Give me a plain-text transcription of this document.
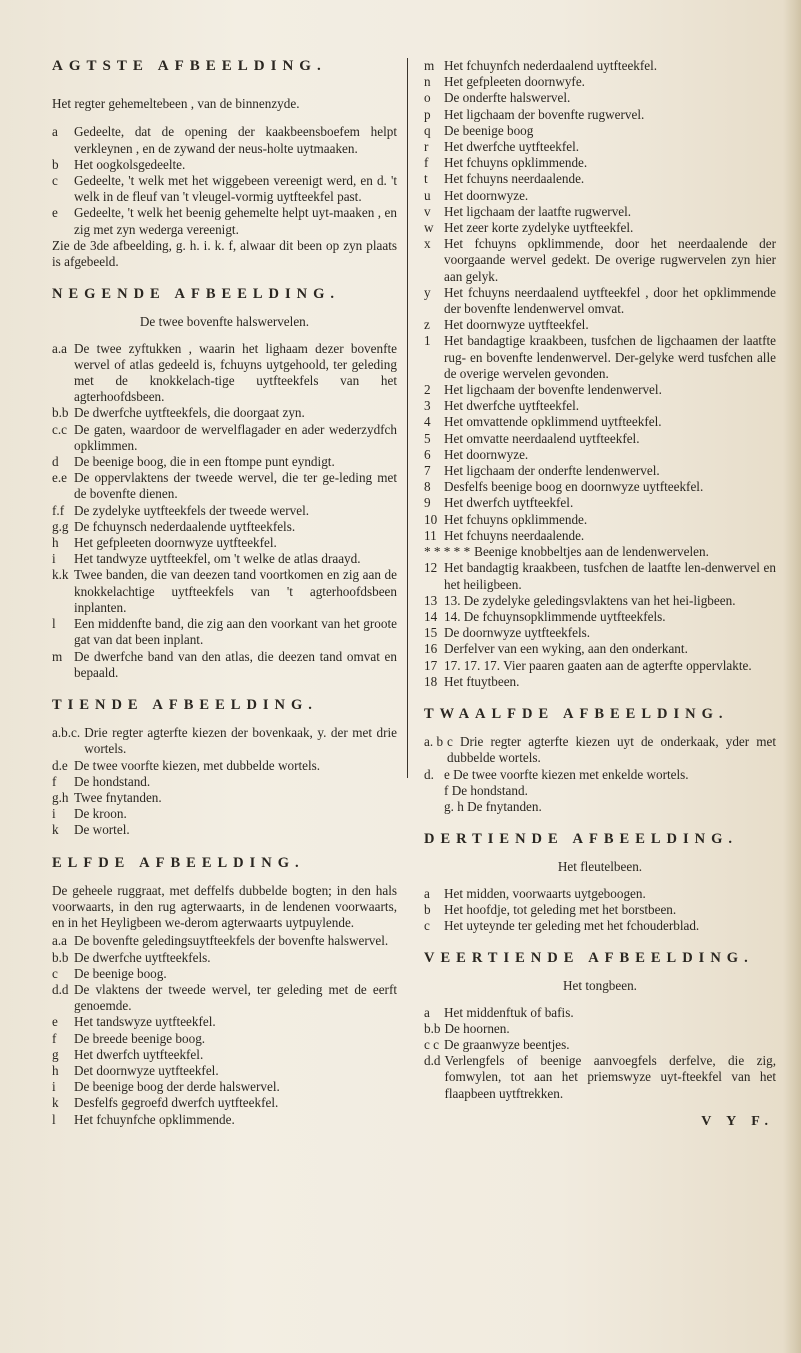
AGTSTE AFBEELDING.
Het regter gehemeltebeen , van de binnenzyde.
a	Gedeelte, dat de opening der kaakbeensboefem helpt verkleynen , en de zywand der neus-holte uytmaaken.
b	Het oogkolsgedeelte.
c	Gedeelte, 't welk met het wiggebeen vereenigt werd, en d. 't welk in de fleuf van 't vleugel-vormig uytfteekfel past.
e	Gedeelte, 't welk het beenig gehemelte helpt uyt-maaken , en zig met zyn wederga vereenigt.
Zie de 3de afbeelding, g. h. i. k. f, alwaar dit been op zyn plaats is afgebeeld.
NEGENDE AFBEELDING.
De twee bovenfte halswervelen.
a.a De twee zyftukken , waarin het lighaam dezer bovenfte wervel of atlas gedeeld is, fchuyns uytgehoold, ter geleding met de knokkelach-tige uytfteekfels van het agterhoofdsbeen.
b.b De dwerfche uytfteekfels, die doorgaat zyn.
c.c De gaten, waardoor de wervelflagader en ader wederzydfch opklimmen.
d	De beenige boog, die in een ftompe punt eyndigt.
e.e De oppervlaktens der tweede wervel, die ter ge-leding met de bovenfte dienen.
f.f De zydelyke uytfteekfels der tweede wervel.
g.g De fchuynsch nederdaalende uytfteekfels.
h	Het gefpleeten doornwyze uytfteekfel.
i	Het tandwyze uytfteekfel, om 't welke de atlas draayd.
k.k Twee banden, die van deezen tand voortkomen en zig aan de knokkelachtige uytfteekfels van 't agterhoofdsbeen inplanten.
l	Een middenfte band, die zig aan den voorkant van het groote gat van dat been inplant.
m De dwerfche band van den atlas, die deezen tand omvat en bepaald.
TIENDE AFBEELDING.
a.b.c. Drie regter agterfte kiezen der bovenkaak, y. der met drie wortels.
d.e De twee voorfte kiezen, met dubbelde wortels.
f	De hondstand.
g.h Twee fnytanden.
i	De kroon.
k	De wortel.
ELFDE AFBEELDING.
De geheele ruggraat, met deffelfs dubbelde bogten; in den hals voorwaarts, in den rug agterwaarts, in de lendenen voorwaarts, en in het Heyligbeen we-derom agterwaarts uytpuylende.
a.a De bovenfte geledingsuytfteekfels der bovenfte halswervel.
b.b De dwerfche uytfteekfels.
c	De beenige boog.
d.d De vlaktens der tweede wervel, ter geleding met de eerft genoemde.
e	Het tandswyze uytfteekfel.
f	De breede beenige boog.
g	Het dwerfch uytfteekfel.
h	Det doornwyze uytfteekfel.
i	De beenige boog der derde halswervel.
k	Desfelfs gegroefd dwerfch uytfteekfel.
l	Het fchuynfche opklimmende.
m Het fchuynfch nederdaalend uytfteekfel.
n	Het gefpleeten doornwyfe.
o	De onderfte halswervel.
p	Het ligchaam der bovenfte rugwervel.
q	De beenige boog
r	Het dwerfche uytfteekfel.
f	Het fchuyns opklimmende.
t	Het fchuyns neerdaalende.
u	Het doornwyze.
v	Het ligchaam der laatfte rugwervel.
w Het zeer korte zydelyke uytfteekfel.
x	Het fchuyns opklimmende, door het neerdaalende der voorgaande wervel gedekt. De overige rugwervelen zyn hier aan gelyk.
y	Het fchuyns neerdaalend uytfteekfel , door het opklimmende der bovenfte lendenwervel omvat.
z	Het doornwyze uytfteekfel.
1	Het bandagtige kraakbeen, tusfchen de ligchaamen der laatfte rug- en bovenfte lendenwervel. Der-gelyke werd tusfchen alle de overige wervelen gevonden.
2	Het ligchaam der bovenfte lendenwervel.
3	Het dwerfche uytfteekfel.
4	Het omvattende opklimmend uytfteekfel.
5	Het omvatte neerdaalend uytfteekfel.
6	Het doornwyze.
7	Het ligchaam der onderfte lendenwervel.
8	Desfelfs beenige boog en doornwyze uytfteekfel.
9	Het dwerfch uytfteekfel.
10 Het fchuyns opklimmende.
11 Het fchuyns neerdaalende.
* * * * * Beenige knobbeltjes aan de lendenwervelen.
12 Het bandagtig kraakbeen, tusfchen de laatfte len-denwervel en het heiligbeen.
13 13. De zydelyke geledingsvlaktens van het hei-ligbeen.
14 14. De fchuynsopklimmende uytfteekfels.
15 De doornwyze uytfteekfels.
16 Derfelver van een wyking, aan den onderkant.
17 17. 17. 17. Vier paaren gaaten aan de agterfte oppervlakte.
18 Het ftuytbeen.
TWAALFDE AFBEELDING.
a. b c Drie regter agterfte kiezen uyt de onderkaak, yder met dubbelde wortels.
d. e De twee voorfte kiezen met enkelde wortels.
f De hondstand.
g. h De fnytanden.
DERTIENDE AFBEELDING.
Het fleutelbeen.
a	Het midden, voorwaarts uytgeboogen.
b	Het hoofdje, tot geleding met het borstbeen.
c	Het uyteynde ter geleding met het fchouderblad.
VEERTIENDE AFBEELDING.
Het tongbeen.
a	Het middenftuk of bafis.
b.b De hoornen.
c c De graanwyze beentjes.
d.d Verlengfels of beenige aanvoegfels derfelve, die zig, fomwylen, tot aan het priemswyze uyt-fteekfel van het flaapbeen uytftrekken.
V Y F.
